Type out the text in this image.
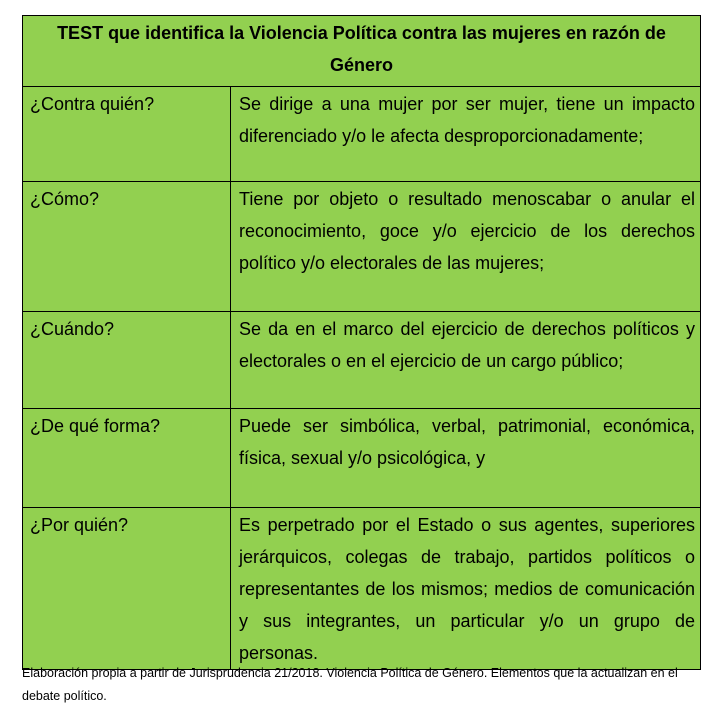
TEST que identifica la Violencia Política contra las mujeres en razón de Género	

¿Contra quién?	Se dirige a una mujer por ser mujer, tiene un impacto diferenciado y/o le afecta desproporcionadamente;

¿Cómo?	Tiene por objeto o resultado menoscabar o anular el reconocimiento, goce y/o ejercicio de los derechos político y/o electorales de las mujeres;

¿Cuándo?	Se da en el marco del ejercicio de derechos políticos y electorales o en el ejercicio de un cargo público;

¿De qué forma?	Puede ser simbólica, verbal, patrimonial, económica, física, sexual y/o psicológica, y

¿Por quién?	Es perpetrado por el Estado o sus agentes, superiores jerárquicos, colegas de trabajo, partidos políticos o representantes de los mismos; medios de comunicación y sus integrantes, un particular y/o un grupo de personas.
Elaboración propia a partir de Jurisprudencia 21/2018. Violencia Política de Género. Elementos que la actualizan en el debate político.
